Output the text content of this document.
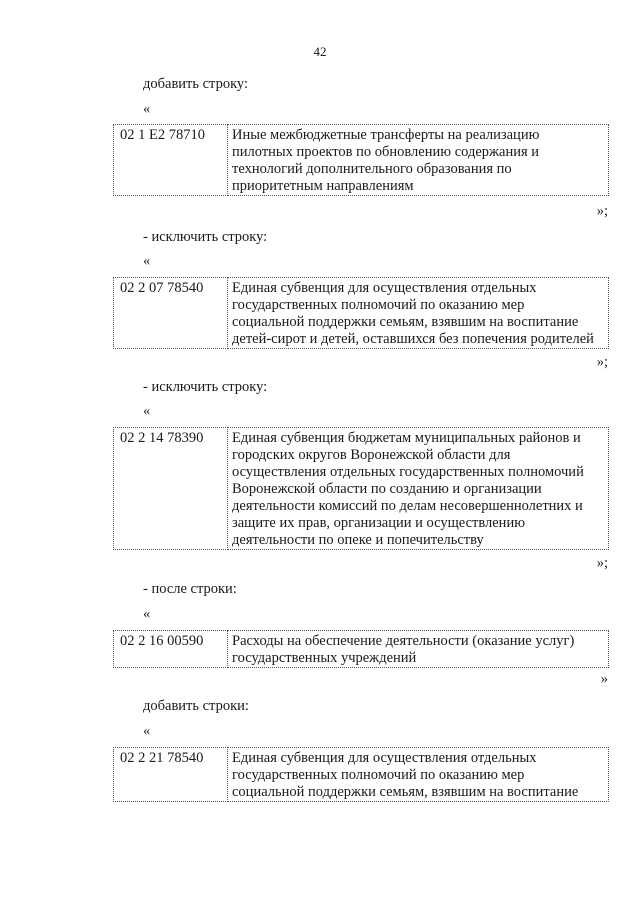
42
добавить строку:
«
02 1 E2 78710	Иные межбюджетные трансферты на реализацию
пилотных проектов по обновлению содержания и
технологий дополнительного образования по
приоритетным направлениям
»;
- исключить строку:
«
02 2 07 78540	Единая субвенция для осуществления отдельных
государственных полномочий по оказанию мер
социальной поддержки семьям, взявшим на воспитание
детей-сирот и детей, оставшихся без попечения родителей
»;
- исключить строку:
«
02 2 14 78390	Единая субвенция бюджетам муниципальных районов и
городских округов Воронежской области для
осуществления отдельных государственных полномочий
Воронежской области по созданию и организации
деятельности комиссий по делам несовершеннолетних и
защите их прав, организации и осуществлению
деятельности по опеке и попечительству
»;
- после строки:
«
02 2 16 00590	Расходы на обеспечение деятельности (оказание услуг)
государственных учреждений
»
добавить строки:
«
02 2 21 78540	Единая субвенция для осуществления отдельных
государственных полномочий по оказанию мер
социальной поддержки семьям, взявшим на воспитание
